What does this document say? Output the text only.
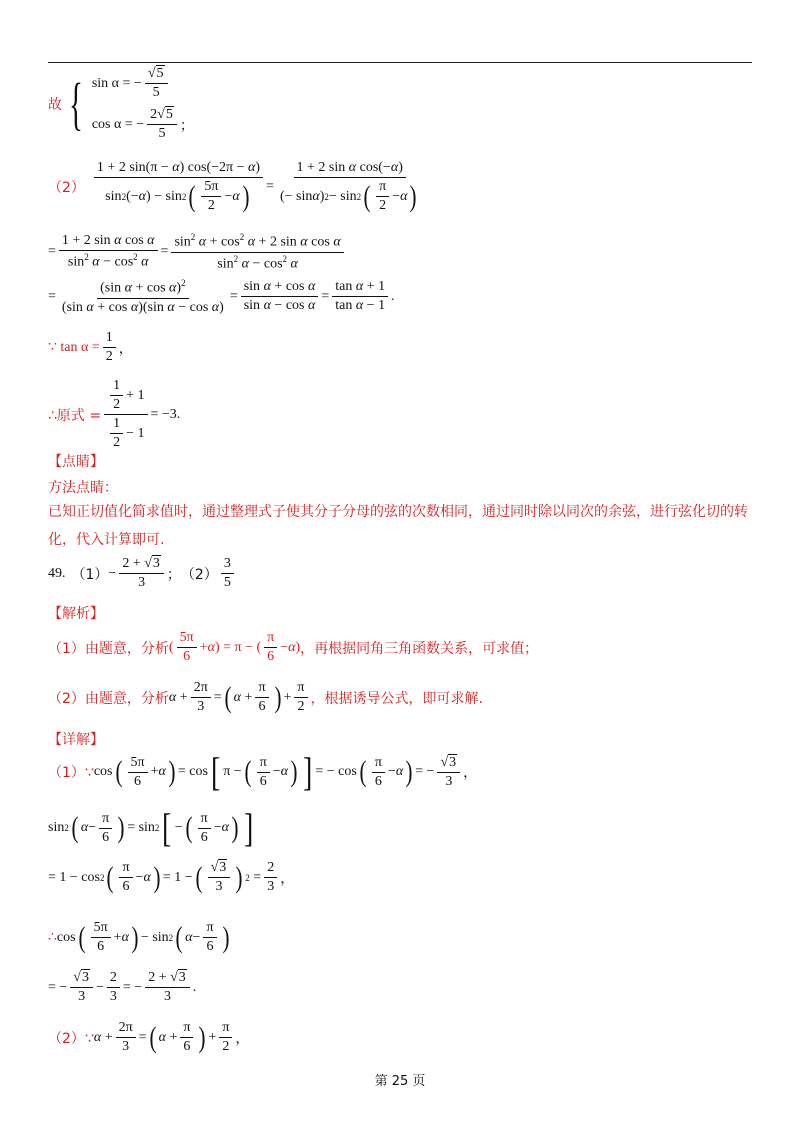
故 { sin α = − $\frac{√5}{5}$
cos α = − $\frac{2√5}{5}$ ；
$(2) \frac{1 + 2 \sin(\pi - \alpha) \cos(-2\pi - \alpha)}{\sin 2 (- \alpha ) - \sin 2 ( \frac{5\pi}{2} - \alpha )} = \frac{\text{1 + 2 sin α cos(−α)}}{(- \sin \alpha ) 2 - \sin 2 ( \frac{\pi}{2} - \alpha )}$
= $\frac{\text{1 + 2 sin α cos α}}{\sin^2 \alpha - \cos^2 \alpha} = \frac{\sin^2 \alpha + \cos^2 \alpha + 2 \sin \alpha \cos \alpha}{\sin^2 \alpha - \cos^2 \alpha}$
= $\frac{(\sin \alpha + \cos \alpha)^2}{\text{(sin α + cos α)(sin α − cos α)}} = \frac{\text{sin α + cos α}}{\text{sin α − cos α}} = \frac{\text{tan α + 1}}{\text{tan α − 1}}$ .
∵ $\tan \alpha = \frac{1}{2}$ ，
∴原式 = $\frac{\frac{1}{2} + 1}{\frac{1}{2} - 1} = -3$.
【点睛】
方法点睛：
已知正切值化简求值时，通过整理式子使其分子分母的弦的次数相同，通过同时除以同次的余弦，进行弦化切的转化，代入计算即可.
49. $(1) - \frac{2 + √3}{3}$ ； $(2) \frac{3}{5}$
【解析】
（1）由题意，分析 ( $\frac{5\pi}{6} + \alpha$ ) = π − ( $\frac{\pi}{6} - \alpha$ ) ，再根据同角三角函数关系，可求值；
（2）由题意，分析 $\alpha + \frac{2\pi}{3}$ = ( $\alpha + \frac{\pi}{6}$ ) + $\frac{\pi}{2}$ ，根据诱导公式，即可求解.
【详解】
（1）∵ cos ( $\frac{5\pi}{6} + \alpha$ ) = cos [ π − ( $\frac{\pi}{6} - \alpha$ ) ] = − cos ( $\frac{\pi}{6} - \alpha$ ) = − $\frac{√3}{3}$ ，
sin 2 ( $\alpha - \frac{\pi}{6}$ ) = sin 2 [ − ( $\frac{\pi}{6} - \alpha$ ) ]
= 1 − cos 2 ( $\frac{\pi}{6} - \alpha$ ) = 1 − ( $\frac{√3}{3}$ ) $2 = \frac{2}{3}$ ，
∴ cos ( $\frac{5\pi}{6} + \alpha$ ) − sin 2 ( $\alpha - \frac{\pi}{6}$ )
= − $\frac{√3}{3} - \frac{2}{3}$ = − $\frac{2 + √3}{3}$ .
（2）∵ $\alpha + \frac{2\pi}{3}$ = ( $\alpha + \frac{\pi}{6}$ ) + $\frac{\pi}{2}$ ，
第 25 页
